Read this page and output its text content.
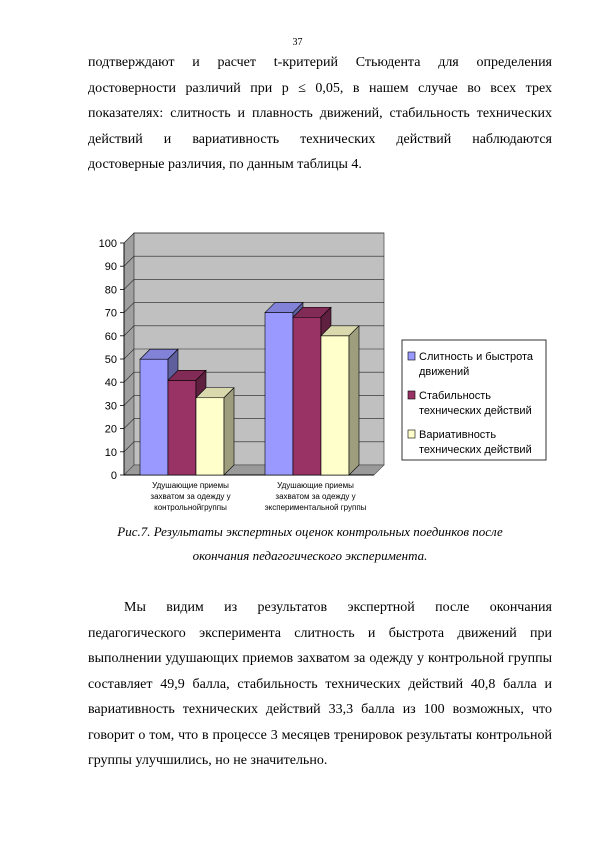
37
подтверждают и расчет t-критерий Стьюдента для определения
достоверности различий при р ≤ 0,05, в нашем случае во всех трех
показателях: слитность и плавность движений, стабильность технических
действий и вариативность технических действий наблюдаются
достоверные различия, по данным таблицы 4.
0
10
20
30
40
50
60
70
80
90
100
Удушающие приемы
захватом за одежду у
контрольнойгруппы
Удушающие приемы
захватом за одежду у
экспериментальной группы
Слитность и быстрота
движений
Стабильность
технических действий
Вариативность
технических действий
Рис.7. Результаты экспертных оценок контрольных поединков после
окончания педагогического эксперимента.
Мы видим из результатов экспертной после окончания
педагогического эксперимента слитность и быстрота движений при
выполнении удушающих приемов захватом за одежду у контрольной группы
составляет 49,9 балла, стабильность технических действий 40,8 балла и
вариативность технических действий 33,3 балла из 100 возможных, что
говорит о том, что в процессе 3 месяцев тренировок результаты контрольной
группы улучшились, но не значительно.
